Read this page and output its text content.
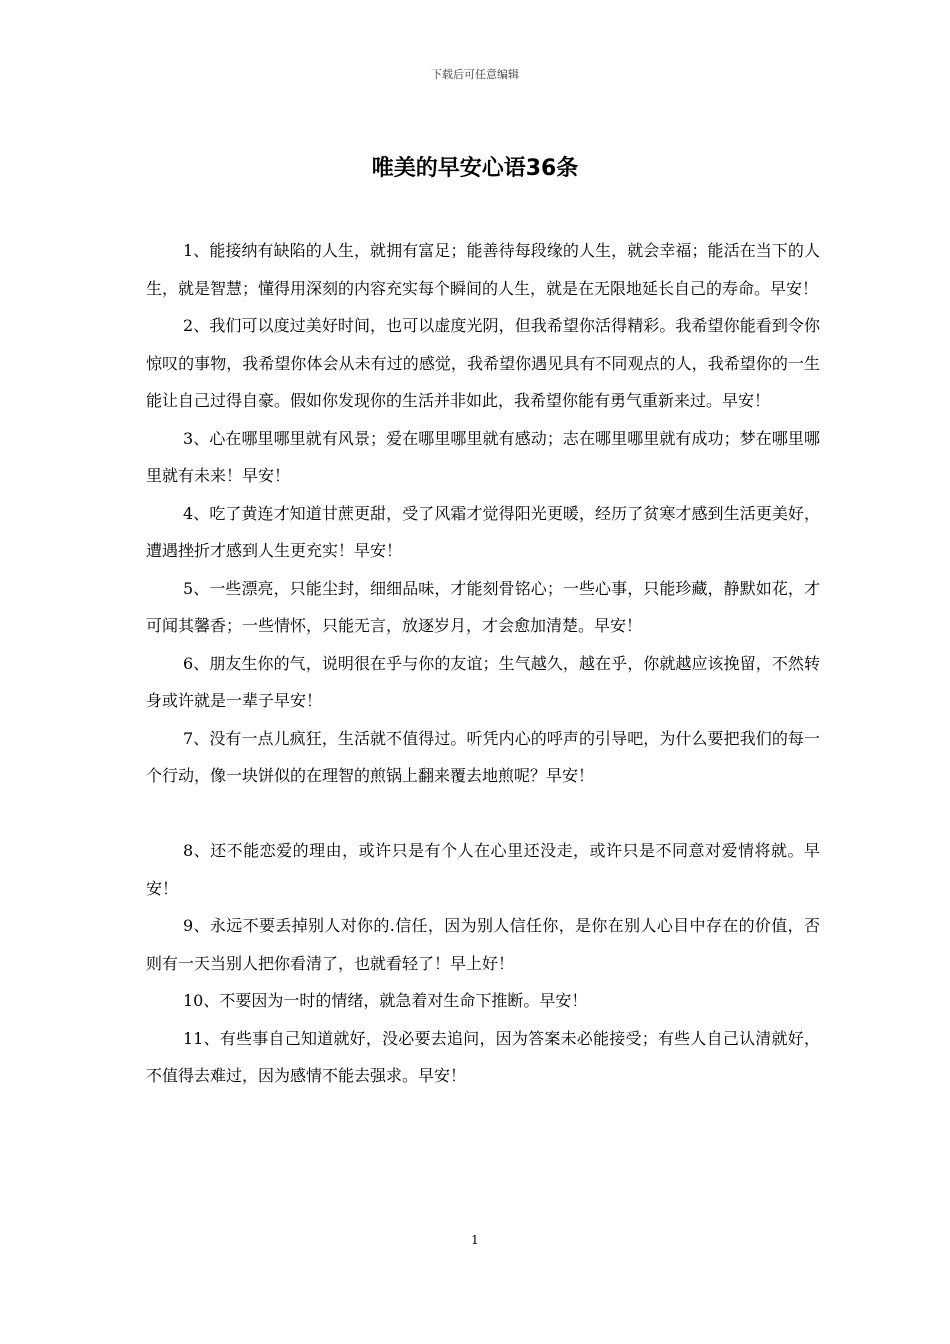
下载后可任意编辑
唯美的早安心语36条

1、能接纳有缺陷的人生，就拥有富足；能善待每段缘的人生，就会幸福；能活在当下的人生，就是智慧；懂得用深刻的内容充实每个瞬间的人生，就是在无限地延长自己的寿命。早安！

2、我们可以度过美好时间，也可以虚度光阴，但我希望你活得精彩。我希望你能看到令你惊叹的事物，我希望你体会从未有过的感觉，我希望你遇见具有不同观点的人，我希望你的一生能让自己过得自豪。假如你发现你的生活并非如此，我希望你能有勇气重新来过。早安！

3、心在哪里哪里就有风景；爱在哪里哪里就有感动；志在哪里哪里就有成功；梦在哪里哪里就有未来！早安！

4、吃了黄连才知道甘蔗更甜，受了风霜才觉得阳光更暖，经历了贫寒才感到生活更美好，遭遇挫折才感到人生更充实！早安！

5、一些漂亮，只能尘封，细细品味，才能刻骨铭心；一些心事，只能珍藏，静默如花，才可闻其馨香；一些情怀，只能无言，放逐岁月，才会愈加清楚。早安！

6、朋友生你的气，说明很在乎与你的友谊；生气越久，越在乎，你就越应该挽留，不然转身或许就是一辈子早安！

7、没有一点儿疯狂，生活就不值得过。听凭内心的呼声的引导吧，为什么要把我们的每一个行动，像一块饼似的在理智的煎锅上翻来覆去地煎呢？早安！

8、还不能恋爱的理由，或许只是有个人在心里还没走，或许只是不同意对爱情将就。早安！

9、永远不要丢掉别人对你的.信任，因为别人信任你，是你在别人心目中存在的价值，否则有一天当别人把你看清了，也就看轻了！早上好！

10、不要因为一时的情绪，就急着对生命下推断。早安！

11、有些事自己知道就好，没必要去追问，因为答案未必能接受；有些人自己认清就好，不值得去难过，因为感情不能去强求。早安！

1
